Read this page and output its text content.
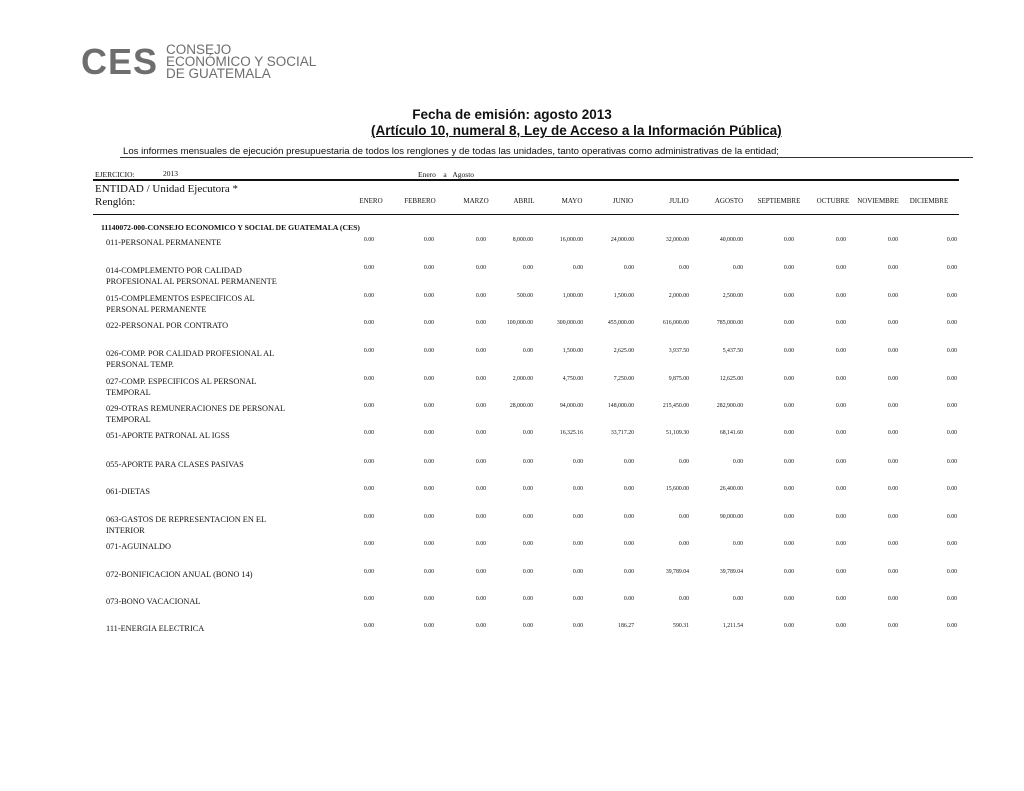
CES CONSEJO
ECONÓMICO Y SOCIAL
DE GUATEMALA
Fecha de emisión: agosto 2013
(Artículo 10, numeral 8, Ley de Acceso a la Información Pública)
Los informes mensuales de ejecución presupuestaria de todos los renglones y de todas las unidades, tanto operativas como administrativas de la entidad;
EJERCICIO:	2013	Enero a Agosto
ENTIDAD / Unidad Ejecutora *
Renglón:	ENERO	FEBRERO	MARZO	ABRIL	MAYO	JUNIO	JULIO	AGOSTO	SEPTIEMBRE	OCTUBRE	NOVIEMBRE	DICIEMBRE
11140072-000-CONSEJO ECONOMICO Y SOCIAL DE GUATEMALA (CES)
011-PERSONAL PERMANENTE	0.00	0.00	0.00	8,000.00	16,000.00	24,000.00	32,000.00	40,000.00	0.00	0.00	0.00	0.00
014-COMPLEMENTO POR CALIDAD
PROFESIONAL AL PERSONAL PERMANENTE
0.00	0.00	0.00	0.00	0.00	0.00	0.00	0.00	0.00	0.00	0.00	0.00
015-COMPLEMENTOS ESPECIFICOS AL
PERSONAL PERMANENTE
0.00	0.00	0.00	500.00	1,000.00	1,500.00	2,000.00	2,500.00	0.00	0.00	0.00	0.00
022-PERSONAL POR CONTRATO	0.00	0.00	0.00	100,000.00	300,000.00	455,000.00	616,000.00	785,000.00	0.00	0.00	0.00	0.00
026-COMP. POR CALIDAD PROFESIONAL AL
PERSONAL TEMP.
0.00	0.00	0.00	0.00	1,500.00	2,625.00	3,937.50	5,437.50	0.00	0.00	0.00	0.00
027-COMP. ESPECIFICOS AL PERSONAL
TEMPORAL
0.00	0.00	0.00	2,000.00	4,750.00	7,250.00	9,875.00	12,625.00	0.00	0.00	0.00	0.00
029-OTRAS REMUNERACIONES DE PERSONAL
TEMPORAL
0.00	0.00	0.00	28,000.00	94,000.00	148,000.00	215,450.00	282,900.00	0.00	0.00	0.00	0.00
051-APORTE PATRONAL AL IGSS	0.00	0.00	0.00	0.00	16,325.16	33,717.20	51,109.30	68,141.60	0.00	0.00	0.00	0.00
055-APORTE PARA CLASES PASIVAS	0.00	0.00	0.00	0.00	0.00	0.00	0.00	0.00	0.00	0.00	0.00	0.00
061-DIETAS	0.00	0.00	0.00	0.00	0.00	0.00	15,600.00	26,400.00	0.00	0.00	0.00	0.00
063-GASTOS DE REPRESENTACION EN EL
INTERIOR
0.00	0.00	0.00	0.00	0.00	0.00	0.00	90,000.00	0.00	0.00	0.00	0.00
071-AGUINALDO	0.00	0.00	0.00	0.00	0.00	0.00	0.00	0.00	0.00	0.00	0.00	0.00
072-BONIFICACION ANUAL (BONO 14)	0.00	0.00	0.00	0.00	0.00	0.00	39,789.04	39,789.04	0.00	0.00	0.00	0.00
073-BONO VACACIONAL	0.00	0.00	0.00	0.00	0.00	0.00	0.00	0.00	0.00	0.00	0.00	0.00
111-ENERGIA ELECTRICA	0.00	0.00	0.00	0.00	0.00	186.27	590.31	1,211.54	0.00	0.00	0.00	0.00
